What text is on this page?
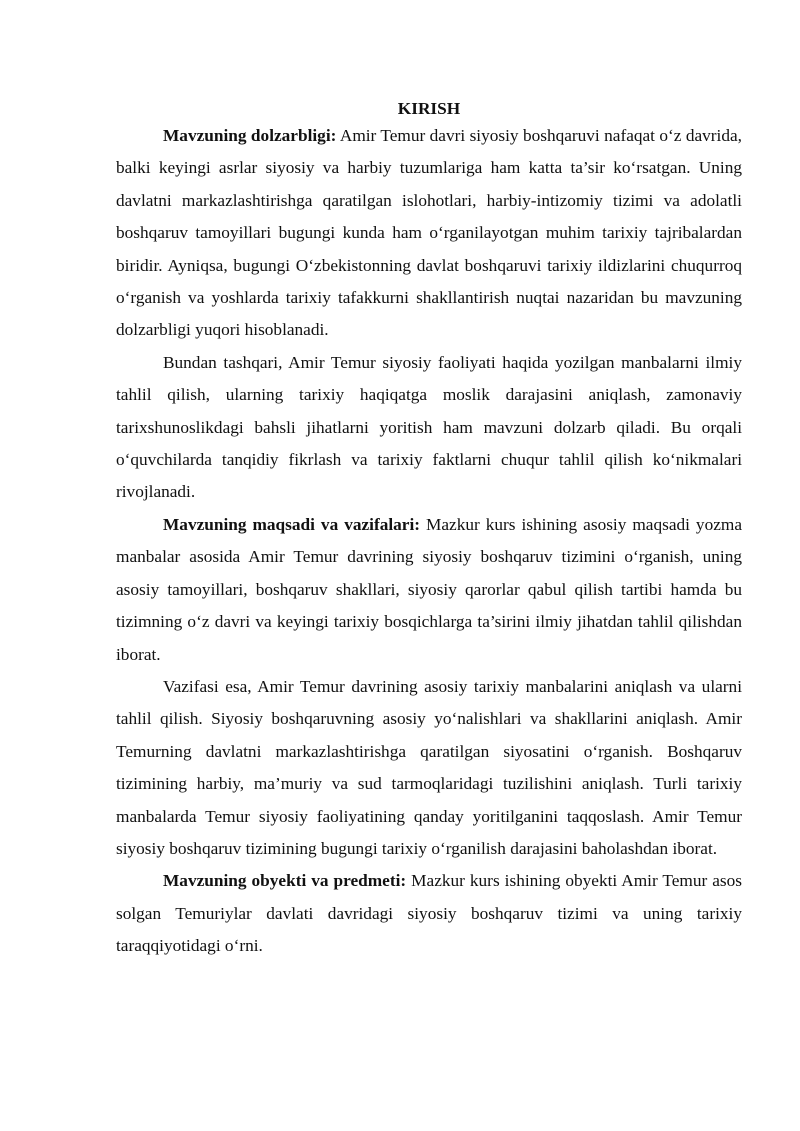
KIRISH

Mavzuning dolzarbligi: Amir Temur davri siyosiy boshqaruvi nafaqat o‘z davrida, balki keyingi asrlar siyosiy va harbiy tuzumlariga ham katta ta’sir ko‘rsatgan. Uning davlatni markazlashtirishga qaratilgan islohotlari, harbiy-intizomiy tizimi va adolatli boshqaruv tamoyillari bugungi kunda ham o‘rganilayotgan muhim tarixiy tajribalardan biridir. Ayniqsa, bugungi O‘zbekistonning davlat boshqaruvi tarixiy ildizlarini chuqurroq o‘rganish va yoshlarda tarixiy tafakkurni shakllantirish nuqtai nazaridan bu mavzuning dolzarbligi yuqori hisoblanadi.

Bundan tashqari, Amir Temur siyosiy faoliyati haqida yozilgan manbalarni ilmiy tahlil qilish, ularning tarixiy haqiqatga moslik darajasini aniqlash, zamonaviy tarixshunoslikdagi bahsli jihatlarni yoritish ham mavzuni dolzarb qiladi. Bu orqali o‘quvchilarda tanqidiy fikrlash va tarixiy faktlarni chuqur tahlil qilish ko‘nikmalari rivojlanadi.

Mavzuning maqsadi va vazifalari: Mazkur kurs ishining asosiy maqsadi yozma manbalar asosida Amir Temur davrining siyosiy boshqaruv tizimini o‘rganish, uning asosiy tamoyillari, boshqaruv shakllari, siyosiy qarorlar qabul qilish tartibi hamda bu tizimning o‘z davri va keyingi tarixiy bosqichlarga ta’sirini ilmiy jihatdan tahlil qilishdan iborat.

Vazifasi esa, Amir Temur davrining asosiy tarixiy manbalarini aniqlash va ularni tahlil qilish. Siyosiy boshqaruvning asosiy yo‘nalishlari va shakllarini aniqlash. Amir Temurning davlatni markazlashtirishga qaratilgan siyosatini o‘rganish. Boshqaruv tizimining harbiy, ma’muriy va sud tarmoqlaridagi tuzilishini aniqlash. Turli tarixiy manbalarda Temur siyosiy faoliyatining qanday yoritilganini taqqoslash. Amir Temur siyosiy boshqaruv tizimining bugungi tarixiy o‘rganilish darajasini baholashdan iborat.

Mavzuning obyekti va predmeti: Mazkur kurs ishining obyekti Amir Temur asos solgan Temuriylar davlati davridagi siyosiy boshqaruv tizimi va uning tarixiy taraqqiyotidagi o‘rni.
